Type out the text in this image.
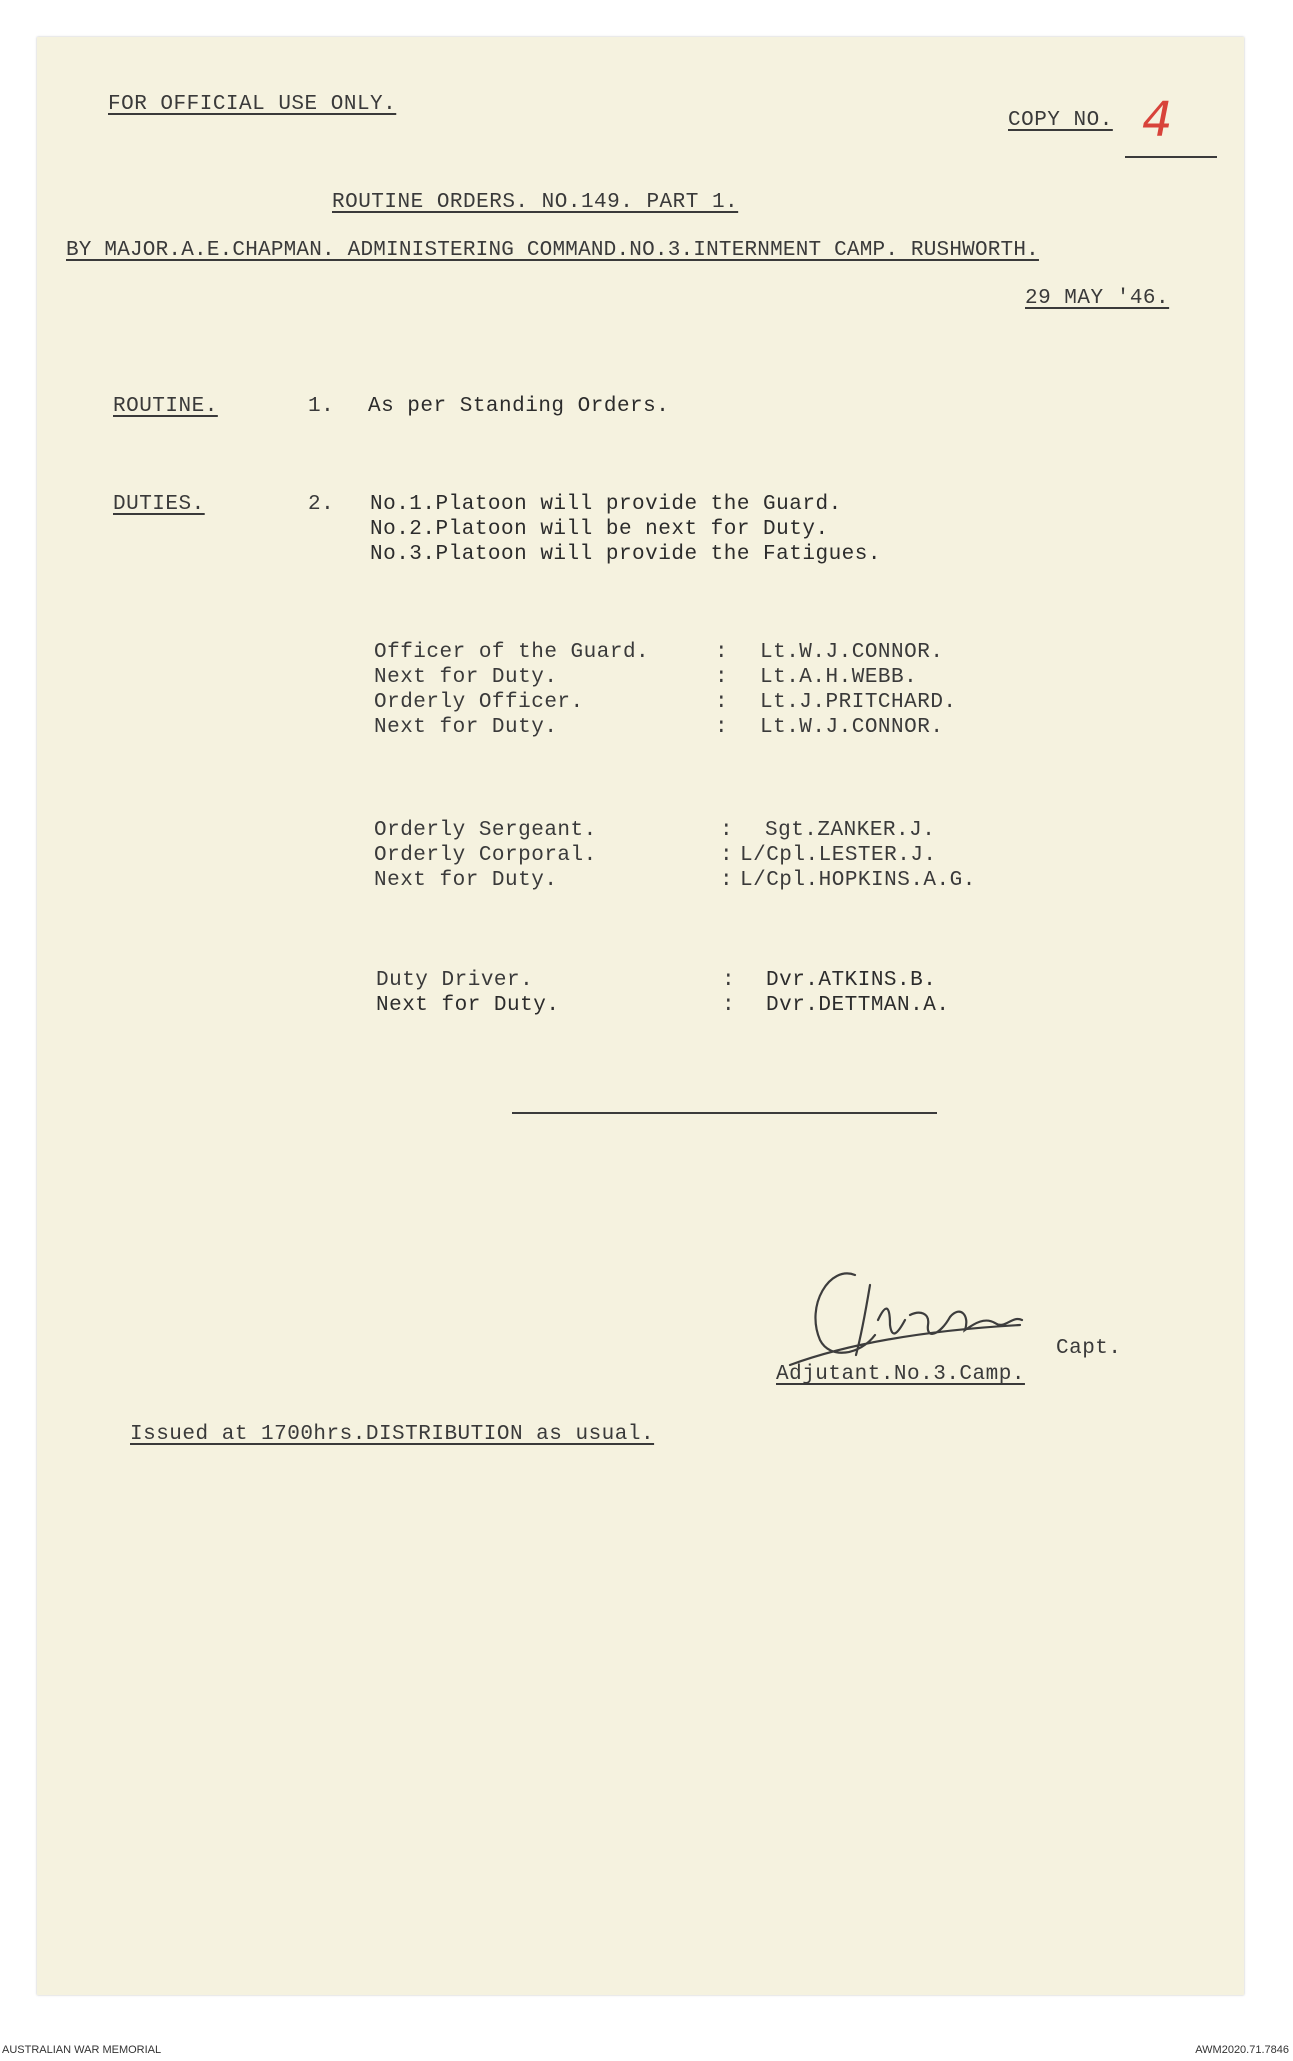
FOR OFFICIAL USE ONLY.
COPY NO. 4
ROUTINE ORDERS. NO.149. PART 1.
BY MAJOR.A.E.CHAPMAN. ADMINISTERING COMMAND.NO.3.INTERNMENT CAMP. RUSHWORTH.
29 MAY '46.
ROUTINE.	1. As per Standing Orders.
DUTIES.	2. No.1.Platoon will provide the Guard.
No.2.Platoon will be next for Duty.
No.3.Platoon will provide the Fatigues.
Officer of the Guard.	: Lt.W.J.CONNOR.
Next for Duty.	: Lt.A.H.WEBB.
Orderly Officer.	: Lt.J.PRITCHARD.
Next for Duty.	: Lt.W.J.CONNOR.
Orderly Sergeant.	: Sgt.ZANKER.J.
Orderly Corporal.	: L/Cpl.LESTER.J.
Next for Duty.	: L/Cpl.HOPKINS.A.G.
Duty Driver.	: Dvr.ATKINS.B.
Next for Duty.	: Dvr.DETTMAN.A.
Capt.
Adjutant.No.3.Camp.
Issued at 1700hrs.DISTRIBUTION as usual.
AUSTRALIAN WAR MEMORIAL	AWM2020.71.7846
